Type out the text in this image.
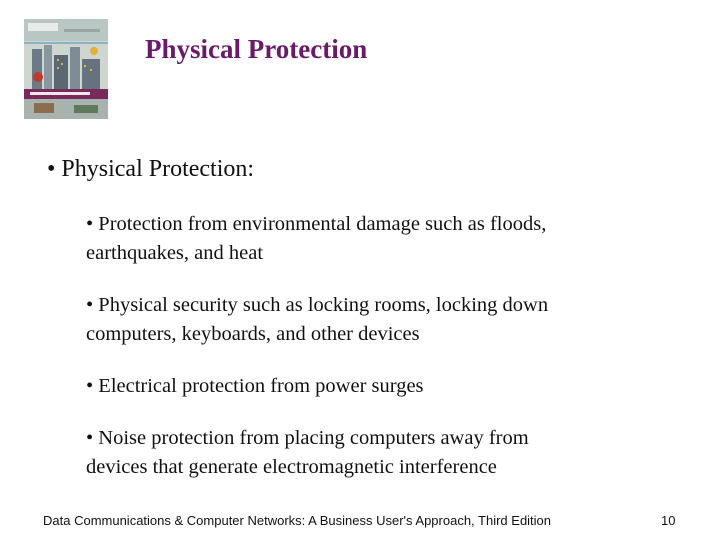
Physical Protection
• Physical Protection:
• Protection from environmental damage such as floods,
earthquakes, and heat
• Physical security such as locking rooms, locking down
computers, keyboards, and other devices
• Electrical protection from power surges
• Noise protection from placing computers away from
devices that generate electromagnetic interference
Data Communications & Computer Networks: A Business User's Approach, Third Edition	10
